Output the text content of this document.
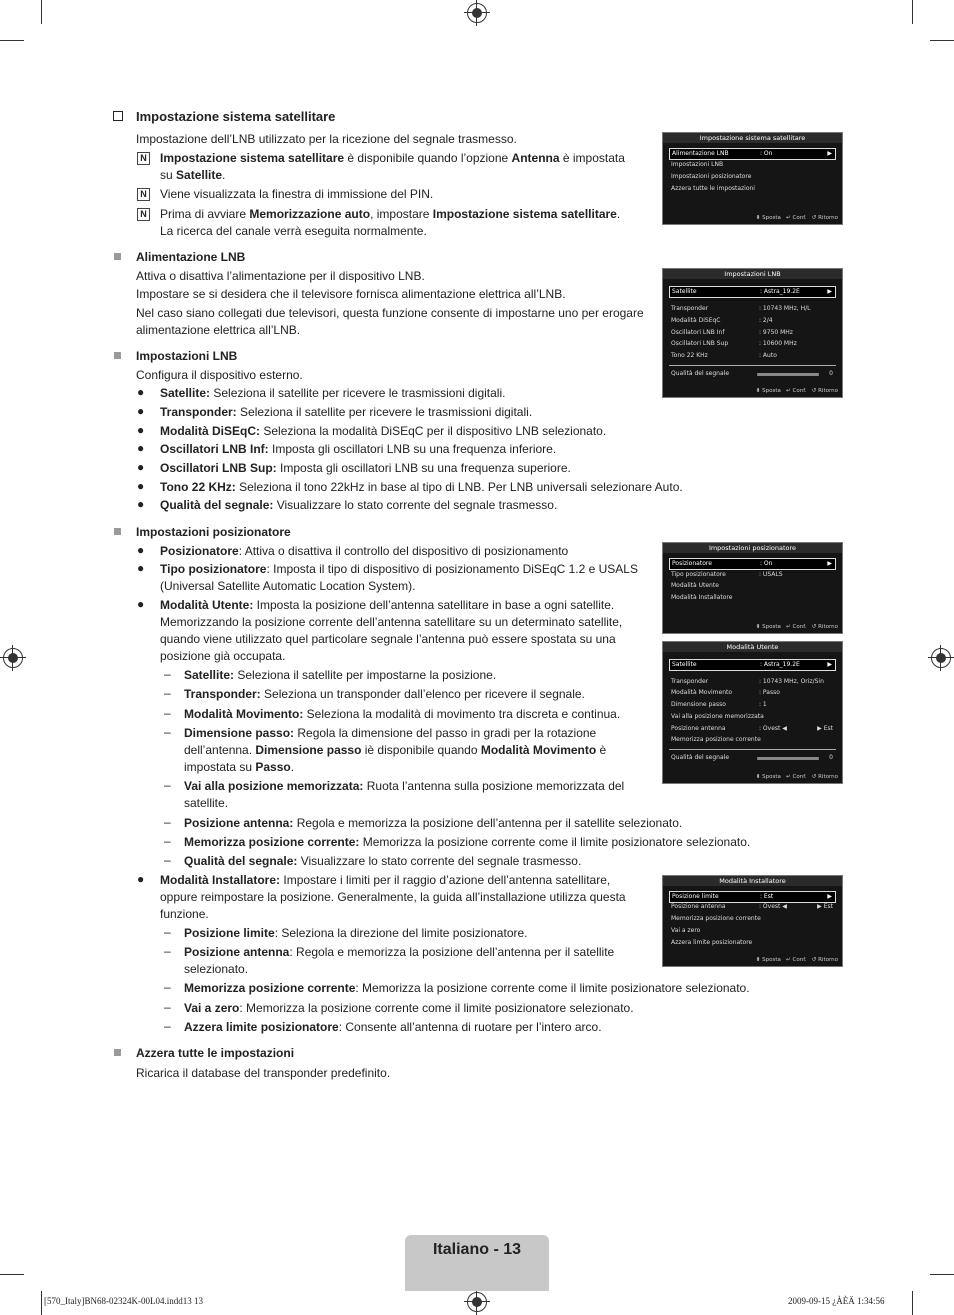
Impostazione sistema satellitare
Impostazione dell’LNB utilizzato per la ricezione del segnale trasmesso.
N Impostazione sistema satellitare è disponibile quando l’opzione Antenna è impostata
su Satellite.
N Viene visualizzata la finestra di immissione del PIN.
N Prima di avviare Memorizzazione auto, impostare Impostazione sistema satellitare.
La ricerca del canale verrà eseguita normalmente.
Alimentazione LNB
Attiva o disattiva l’alimentazione per il dispositivo LNB.
Impostare se si desidera che il televisore fornisca alimentazione elettrica all’LNB.
Nel caso siano collegati due televisori, questa funzione consente di impostarne uno per erogare
alimentazione elettrica all’LNB.
Impostazioni LNB
Configura il dispositivo esterno.
● Satellite: Seleziona il satellite per ricevere le trasmissioni digitali.
● Transponder: Seleziona il satellite per ricevere le trasmissioni digitali.
● Modalità DiSEqC: Seleziona la modalità DiSEqC per il dispositivo LNB selezionato.
● Oscillatori LNB Inf: Imposta gli oscillatori LNB su una frequenza inferiore.
● Oscillatori LNB Sup: Imposta gli oscillatori LNB su una frequenza superiore.
● Tono 22 KHz: Seleziona il tono 22kHz in base al tipo di LNB. Per LNB universali selezionare Auto.
● Qualità del segnale: Visualizzare lo stato corrente del segnale trasmesso.
Impostazioni posizionatore
● Posizionatore: Attiva o disattiva il controllo del dispositivo di posizionamento
● Tipo posizionatore: Imposta il tipo di dispositivo di posizionamento DiSEqC 1.2 e USALS
(Universal Satellite Automatic Location System).
● Modalità Utente: Imposta la posizione dell’antenna satellitare in base a ogni satellite.
Memorizzando la posizione corrente dell’antenna satellitare su un determinato satellite,
quando viene utilizzato quel particolare segnale l’antenna può essere spostata su una
posizione già occupata.
– Satellite: Seleziona il satellite per impostarne la posizione.
– Transponder: Seleziona un transponder dall’elenco per ricevere il segnale.
– Modalità Movimento: Seleziona la modalità di movimento tra discreta e continua.
– Dimensione passo: Regola la dimensione del passo in gradi per la rotazione
dell’antenna. Dimensione passo iè disponibile quando Modalità Movimento è
impostata su Passo.
– Vai alla posizione memorizzata: Ruota l’antenna sulla posizione memorizzata del
satellite.
– Posizione antenna: Regola e memorizza la posizione dell’antenna per il satellite selezionato.
– Memorizza posizione corrente: Memorizza la posizione corrente come il limite posizionatore selezionato.
– Qualità del segnale: Visualizzare lo stato corrente del segnale trasmesso.
● Modalità Installatore: Impostare i limiti per il raggio d’azione dell’antenna satellitare,
oppure reimpostare la posizione. Generalmente, la guida all’installazione utilizza questa
funzione.
– Posizione limite: Seleziona la direzione del limite posizionatore.
– Posizione antenna: Regola e memorizza la posizione dell’antenna per il satellite
selezionato.
– Memorizza posizione corrente: Memorizza la posizione corrente come il limite posizionatore selezionato.
– Vai a zero: Memorizza la posizione corrente come il limite posizionatore selezionato.
– Azzera limite posizionatore: Consente all’antenna di ruotare per l’intero arco.
Azzera tutte le impostazioni
Ricarica il database del transponder predefinito.
Impostazione sistema satellitare
Alimentazione LNB	: On	▶
Impostazioni LNB
Impostazioni posizionatore
Azzera tutte le impostazioni
⬍ Sposta   ↵ Conf.   ↺ Ritorno
Impostazioni LNB
Satellite	: Astra_19.2E	▶
Transponder	: 10743 MHz, H/L
Modalità DiSEqC	: 2/4
Oscillatori LNB Inf	: 9750 MHz
Oscillatori LNB Sup	: 10600 MHz
Tono 22 KHz	: Auto
Qualità del segnale	0
⬍ Sposta   ↵ Conf.   ↺ Ritorno
Impostazioni posizionatore
Posizionatore	: On	▶
Tipo posizionatore	: USALS
Modalità Utente
Modalità Installatore
⬍ Sposta   ↵ Conf.   ↺ Ritorno
Modalità Utente
Satellite	: Astra_19.2E	▶
Transponder	: 10743 MHz, Oriz/Sin
Modalità Movimento	: Passo
Dimensione passo	: 1
Vai alla posizione memorizzata
Posizione antenna	: Ovest ◀	▶ Est
Memorizza posizione corrente
Qualità del segnale	0
⬍ Sposta   ↵ Conf.   ↺ Ritorno
Modalità Installatore
Posizione limite	: Est	▶
Posizione antenna	: Ovest ◀	▶ Est
Memorizza posizione corrente
Vai a zero
Azzera limite posizionatore
⬍ Sposta   ↵ Conf.   ↺ Ritorno
Italiano - 13
[570_Italy]BN68-02324K-00L04.indd13 13	2009-09-15 ¿ÀÈÄ 1:34:56
